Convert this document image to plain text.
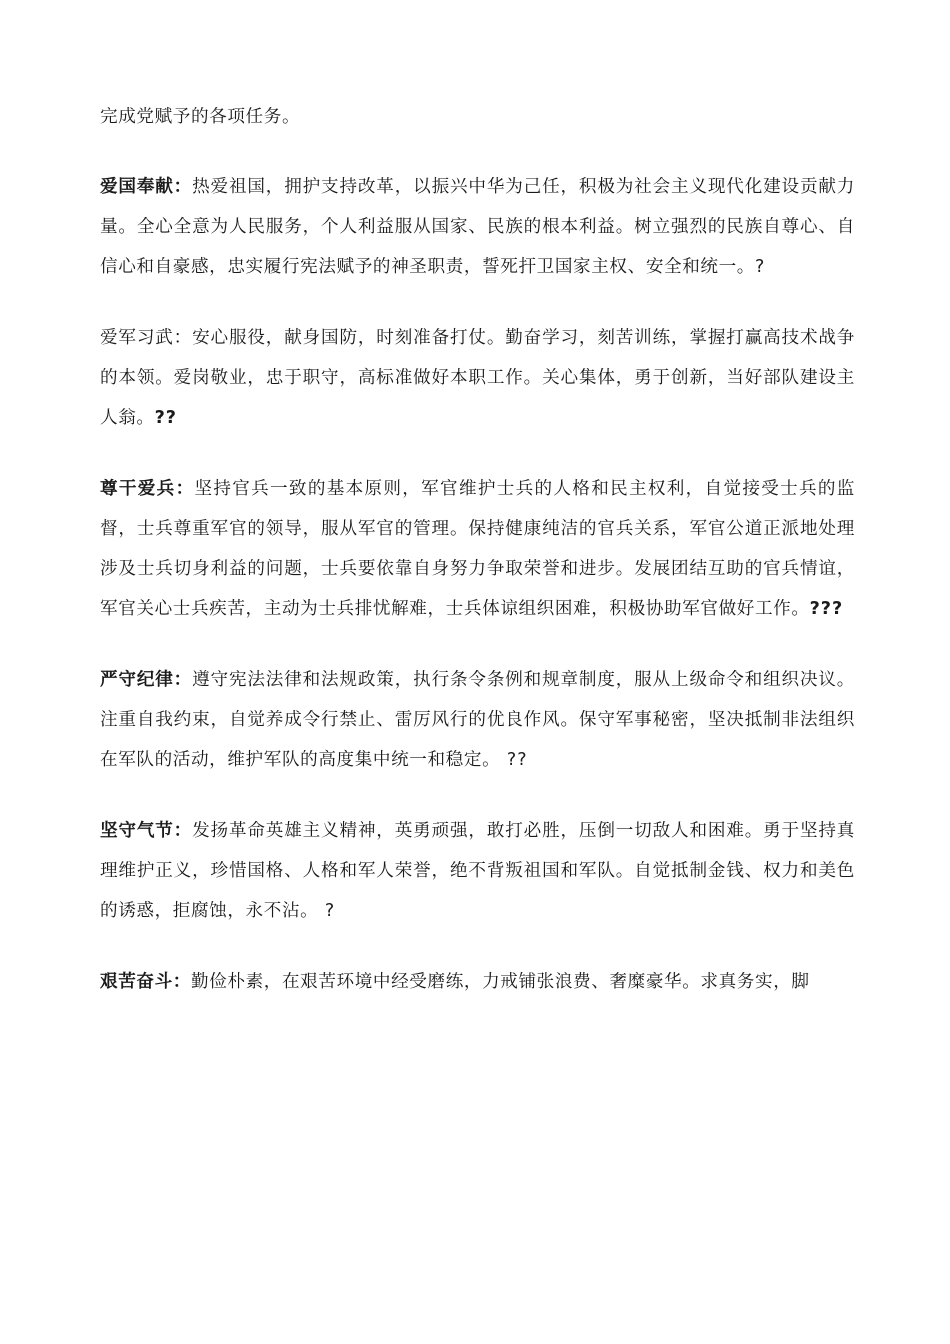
完成党赋予的各项任务。

爱国奉献：热爱祖国，拥护支持改革，以振兴中华为己任，积极为社会主义现代化建设贡献力量。全心全意为人民服务，个人利益服从国家、民族的根本利益。树立强烈的民族自尊心、自信心和自豪感，忠实履行宪法赋予的神圣职责，誓死扞卫国家主权、安全和统一。?

爱军习武：安心服役，献身国防，时刻准备打仗。勤奋学习，刻苦训练，掌握打赢高技术战争的本领。爱岗敬业，忠于职守，高标准做好本职工作。关心集体，勇于创新，当好部队建设主人翁。??

尊干爱兵：坚持官兵一致的基本原则，军官维护士兵的人格和民主权利，自觉接受士兵的监督，士兵尊重军官的领导，服从军官的管理。保持健康纯洁的官兵关系，军官公道正派地处理涉及士兵切身利益的问题，士兵要依靠自身努力争取荣誉和进步。发展团结互助的官兵情谊，军官关心士兵疾苦，主动为士兵排忧解难，士兵体谅组织困难，积极协助军官做好工作。???

严守纪律：遵守宪法法律和法规政策，执行条令条例和规章制度，服从上级命令和组织决议。注重自我约束，自觉养成令行禁止、雷厉风行的优良作风。保守军事秘密，坚决抵制非法组织在军队的活动，维护军队的高度集中统一和稳定。 ??

坚守气节：发扬革命英雄主义精神，英勇顽强，敢打必胜，压倒一切敌人和困难。勇于坚持真理维护正义，珍惜国格、人格和军人荣誉，绝不背叛祖国和军队。自觉抵制金钱、权力和美色的诱惑，拒腐蚀，永不沾。 ?

艰苦奋斗：勤俭朴素，在艰苦环境中经受磨练，力戒铺张浪费、奢糜豪华。求真务实，脚
